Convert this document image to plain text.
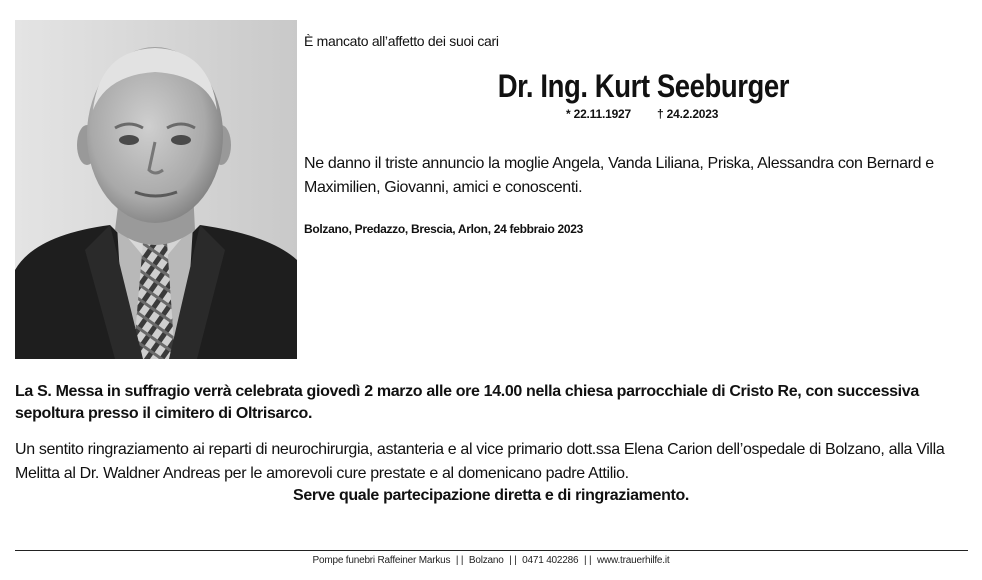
È mancato all’affetto dei suoi cari
Dr. Ing. Kurt Seeburger
* 22.11.1927 † 24.2.2023
Ne danno il triste annuncio la moglie Angela, Vanda Liliana, Priska, Alessandra con Bernard e Maximilien, Giovanni, amici e conoscenti.
Bolzano, Predazzo, Brescia, Arlon, 24 febbraio 2023
La S. Messa in suffragio verrà celebrata giovedì 2 marzo alle ore 14.00 nella chiesa parrocchiale di Cristo Re, con successiva sepoltura presso il cimitero di Oltrisarco.
Un sentito ringraziamento ai reparti di neurochirurgia, astanteria e al vice primario dott.ssa Elena Carion dell’ospedale di Bolzano, alla Villa Melitta al Dr. Waldner Andreas per le amorevoli cure prestate e al domenicano padre Attilio.
Serve quale partecipazione diretta e di ringraziamento.
Pompe funebri Raffeiner Markus | | Bolzano | | 0471 402286 | | www.trauerhilfe.it
